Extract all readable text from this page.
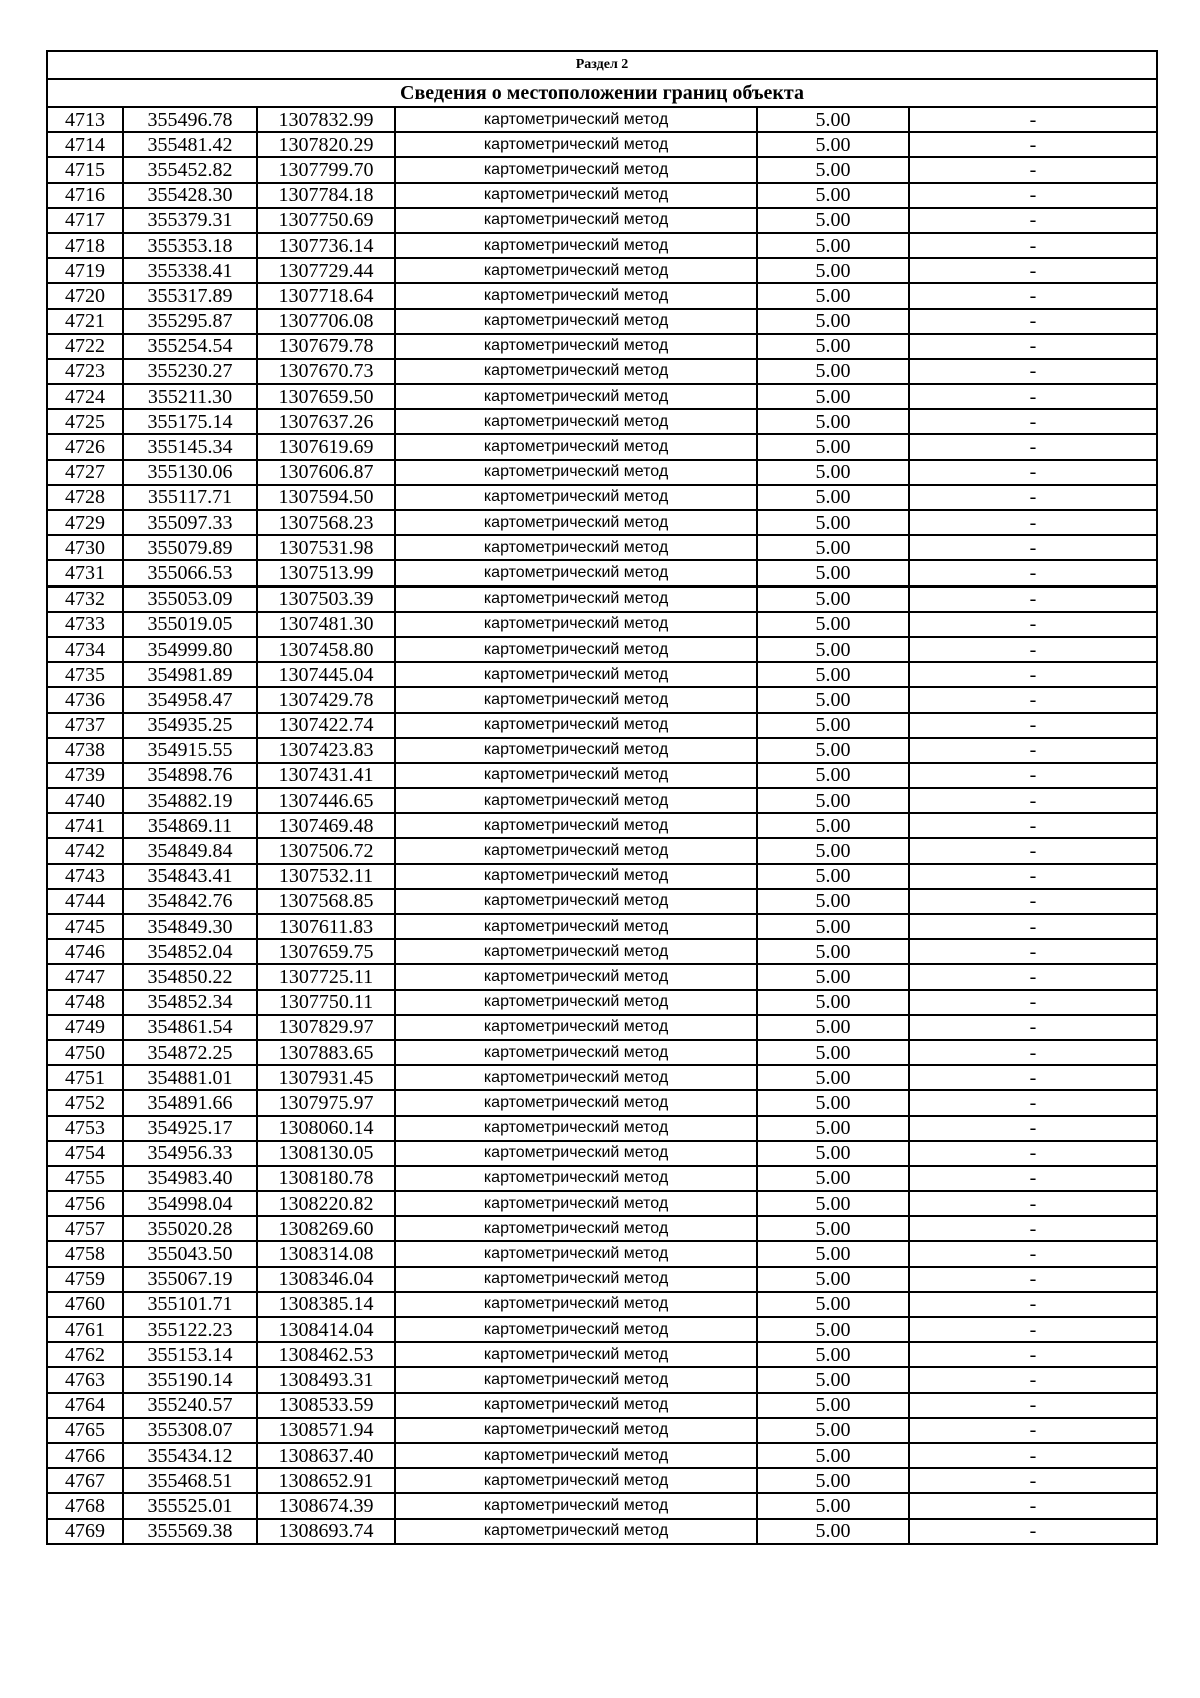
Раздел 2					
Сведения о местоположении границ объекта					
4713	355496.78	1307832.99	картометрический метод	5.00	-
4714	355481.42	1307820.29	картометрический метод	5.00	-
4715	355452.82	1307799.70	картометрический метод	5.00	-
4716	355428.30	1307784.18	картометрический метод	5.00	-
4717	355379.31	1307750.69	картометрический метод	5.00	-
4718	355353.18	1307736.14	картометрический метод	5.00	-
4719	355338.41	1307729.44	картометрический метод	5.00	-
4720	355317.89	1307718.64	картометрический метод	5.00	-
4721	355295.87	1307706.08	картометрический метод	5.00	-
4722	355254.54	1307679.78	картометрический метод	5.00	-
4723	355230.27	1307670.73	картометрический метод	5.00	-
4724	355211.30	1307659.50	картометрический метод	5.00	-
4725	355175.14	1307637.26	картометрический метод	5.00	-
4726	355145.34	1307619.69	картометрический метод	5.00	-
4727	355130.06	1307606.87	картометрический метод	5.00	-
4728	355117.71	1307594.50	картометрический метод	5.00	-
4729	355097.33	1307568.23	картометрический метод	5.00	-
4730	355079.89	1307531.98	картометрический метод	5.00	-
4731	355066.53	1307513.99	картометрический метод	5.00	-
4732	355053.09	1307503.39	картометрический метод	5.00	-
4733	355019.05	1307481.30	картометрический метод	5.00	-
4734	354999.80	1307458.80	картометрический метод	5.00	-
4735	354981.89	1307445.04	картометрический метод	5.00	-
4736	354958.47	1307429.78	картометрический метод	5.00	-
4737	354935.25	1307422.74	картометрический метод	5.00	-
4738	354915.55	1307423.83	картометрический метод	5.00	-
4739	354898.76	1307431.41	картометрический метод	5.00	-
4740	354882.19	1307446.65	картометрический метод	5.00	-
4741	354869.11	1307469.48	картометрический метод	5.00	-
4742	354849.84	1307506.72	картометрический метод	5.00	-
4743	354843.41	1307532.11	картометрический метод	5.00	-
4744	354842.76	1307568.85	картометрический метод	5.00	-
4745	354849.30	1307611.83	картометрический метод	5.00	-
4746	354852.04	1307659.75	картометрический метод	5.00	-
4747	354850.22	1307725.11	картометрический метод	5.00	-
4748	354852.34	1307750.11	картометрический метод	5.00	-
4749	354861.54	1307829.97	картометрический метод	5.00	-
4750	354872.25	1307883.65	картометрический метод	5.00	-
4751	354881.01	1307931.45	картометрический метод	5.00	-
4752	354891.66	1307975.97	картометрический метод	5.00	-
4753	354925.17	1308060.14	картометрический метод	5.00	-
4754	354956.33	1308130.05	картометрический метод	5.00	-
4755	354983.40	1308180.78	картометрический метод	5.00	-
4756	354998.04	1308220.82	картометрический метод	5.00	-
4757	355020.28	1308269.60	картометрический метод	5.00	-
4758	355043.50	1308314.08	картометрический метод	5.00	-
4759	355067.19	1308346.04	картометрический метод	5.00	-
4760	355101.71	1308385.14	картометрический метод	5.00	-
4761	355122.23	1308414.04	картометрический метод	5.00	-
4762	355153.14	1308462.53	картометрический метод	5.00	-
4763	355190.14	1308493.31	картометрический метод	5.00	-
4764	355240.57	1308533.59	картометрический метод	5.00	-
4765	355308.07	1308571.94	картометрический метод	5.00	-
4766	355434.12	1308637.40	картометрический метод	5.00	-
4767	355468.51	1308652.91	картометрический метод	5.00	-
4768	355525.01	1308674.39	картометрический метод	5.00	-
4769	355569.38	1308693.74	картометрический метод	5.00	-
